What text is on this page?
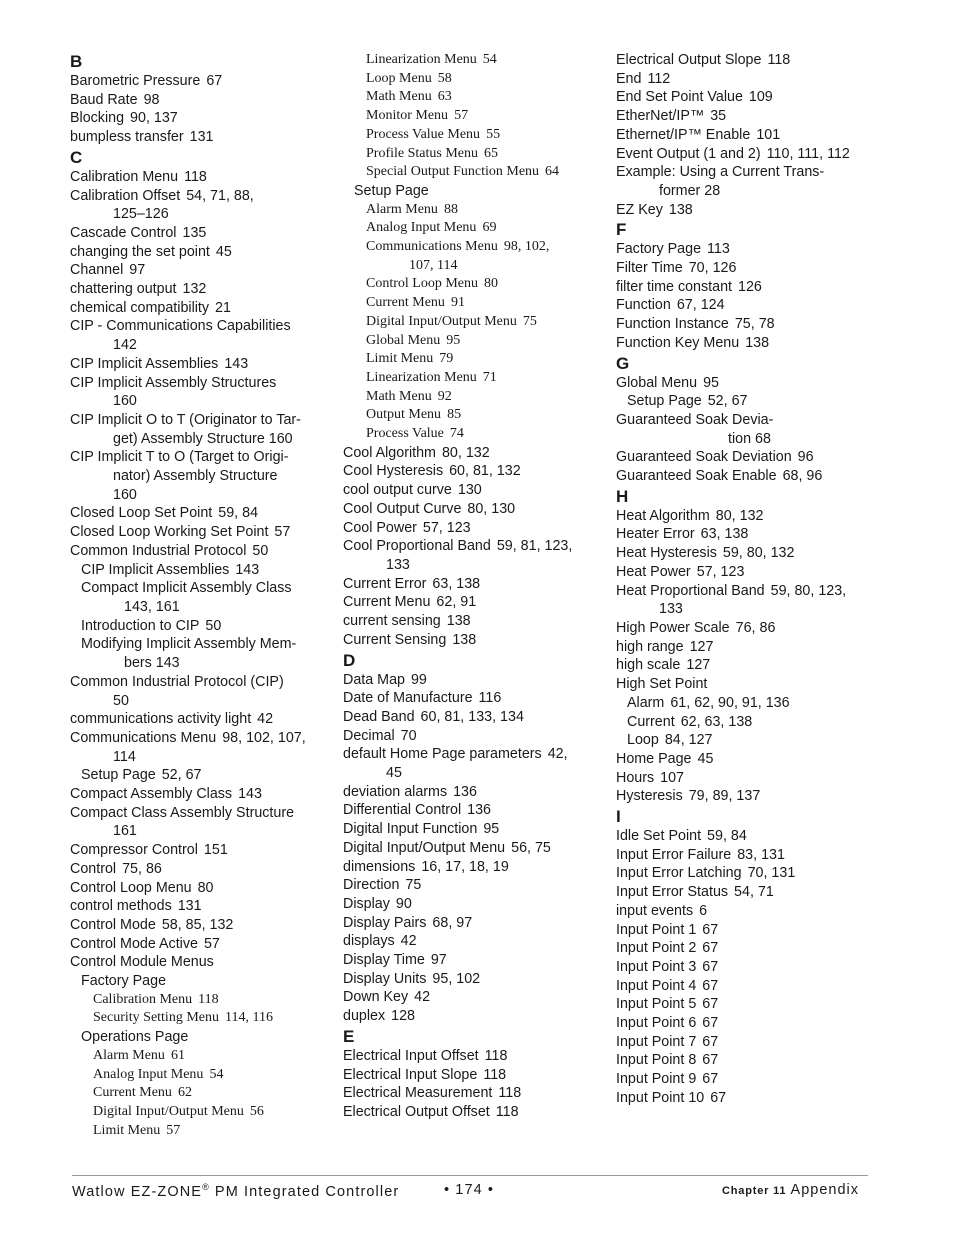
B
Barometric Pressure 67
Baud Rate 98
Blocking 90, 137
bumpless transfer 131
C
Calibration Menu 118
Calibration Offset 54, 71, 88,
125–126
Cascade Control 135
changing the set point 45
Channel 97
chattering output 132
chemical compatibility 21
CIP - Communications Capabilities
142
CIP Implicit Assemblies 143
CIP Implicit Assembly Structures
160
CIP Implicit O to T (Originator to Tar-
get) Assembly Structure 160
CIP Implicit T to O (Target to Origi-
nator) Assembly Structure
160
Closed Loop Set Point 59, 84
Closed Loop Working Set Point 57
Common Industrial Protocol 50
CIP Implicit Assemblies 143
Compact Implicit Assembly Class
143, 161
Introduction to CIP 50
Modifying Implicit Assembly Mem-
bers 143
Common Industrial Protocol (CIP)
50
communications activity light 42
Communications Menu 98, 102, 107,
114
Setup Page 52, 67
Compact Assembly Class 143
Compact Class Assembly Structure
161
Compressor Control 151
Control 75, 86
Control Loop Menu 80
control methods 131
Control Mode 58, 85, 132
Control Mode Active 57
Control Module Menus
Factory Page
Calibration Menu 118
Security Setting Menu 114, 116
Operations Page
Alarm Menu 61
Analog Input Menu 54
Current Menu 62
Digital Input/Output Menu 56
Limit Menu 57
Linearization Menu 54
Loop Menu 58
Math Menu 63
Monitor Menu 57
Process Value Menu 55
Profile Status Menu 65
Special Output Function Menu 64
Setup Page
Alarm Menu 88
Analog Input Menu 69
Communications Menu 98, 102,
107, 114
Control Loop Menu 80
Current Menu 91
Digital Input/Output Menu 75
Global Menu 95
Limit Menu 79
Linearization Menu 71
Math Menu 92
Output Menu 85
Process Value 74
Cool Algorithm 80, 132
Cool Hysteresis 60, 81, 132
cool output curve 130
Cool Output Curve 80, 130
Cool Power 57, 123
Cool Proportional Band 59, 81, 123,
133
Current Error 63, 138
Current Menu 62, 91
current sensing 138
Current Sensing 138
D
Data Map 99
Date of Manufacture 116
Dead Band 60, 81, 133, 134
Decimal 70
default Home Page parameters 42,
45
deviation alarms 136
Differential Control 136
Digital Input Function 95
Digital Input/Output Menu 56, 75
dimensions 16, 17, 18, 19
Direction 75
Display 90
Display Pairs 68, 97
displays 42
Display Time 97
Display Units 95, 102
Down Key 42
duplex 128
E
Electrical Input Offset 118
Electrical Input Slope 118
Electrical Measurement 118
Electrical Output Offset 118
Electrical Output Slope 118
End 112
End Set Point Value 109
EtherNet/IP™ 35
Ethernet/IP™ Enable 101
Event Output (1 and 2) 110, 111, 112
Example: Using a Current Trans-
former 28
EZ Key 138
F
Factory Page 113
Filter Time 70, 126
filter time constant 126
Function 67, 124
Function Instance 75, 78
Function Key Menu 138
G
Global Menu 95
Setup Page 52, 67
Guaranteed Soak Devia-
tion 68
Guaranteed Soak Deviation 96
Guaranteed Soak Enable 68, 96
H
Heat Algorithm 80, 132
Heater Error 63, 138
Heat Hysteresis 59, 80, 132
Heat Power 57, 123
Heat Proportional Band 59, 80, 123,
133
High Power Scale 76, 86
high range 127
high scale 127
High Set Point
Alarm 61, 62, 90, 91, 136
Current 62, 63, 138
Loop 84, 127
Home Page 45
Hours 107
Hysteresis 79, 89, 137
I
Idle Set Point 59, 84
Input Error Failure 83, 131
Input Error Latching 70, 131
Input Error Status 54, 71
input events 6
Input Point 1 67
Input Point 2 67
Input Point 3 67
Input Point 4 67
Input Point 5 67
Input Point 6 67
Input Point 7 67
Input Point 8 67
Input Point 9 67
Input Point 10 67
Watlow EZ-ZONE® PM Integrated Controller	• 174 •	Chapter 11 Appendix
